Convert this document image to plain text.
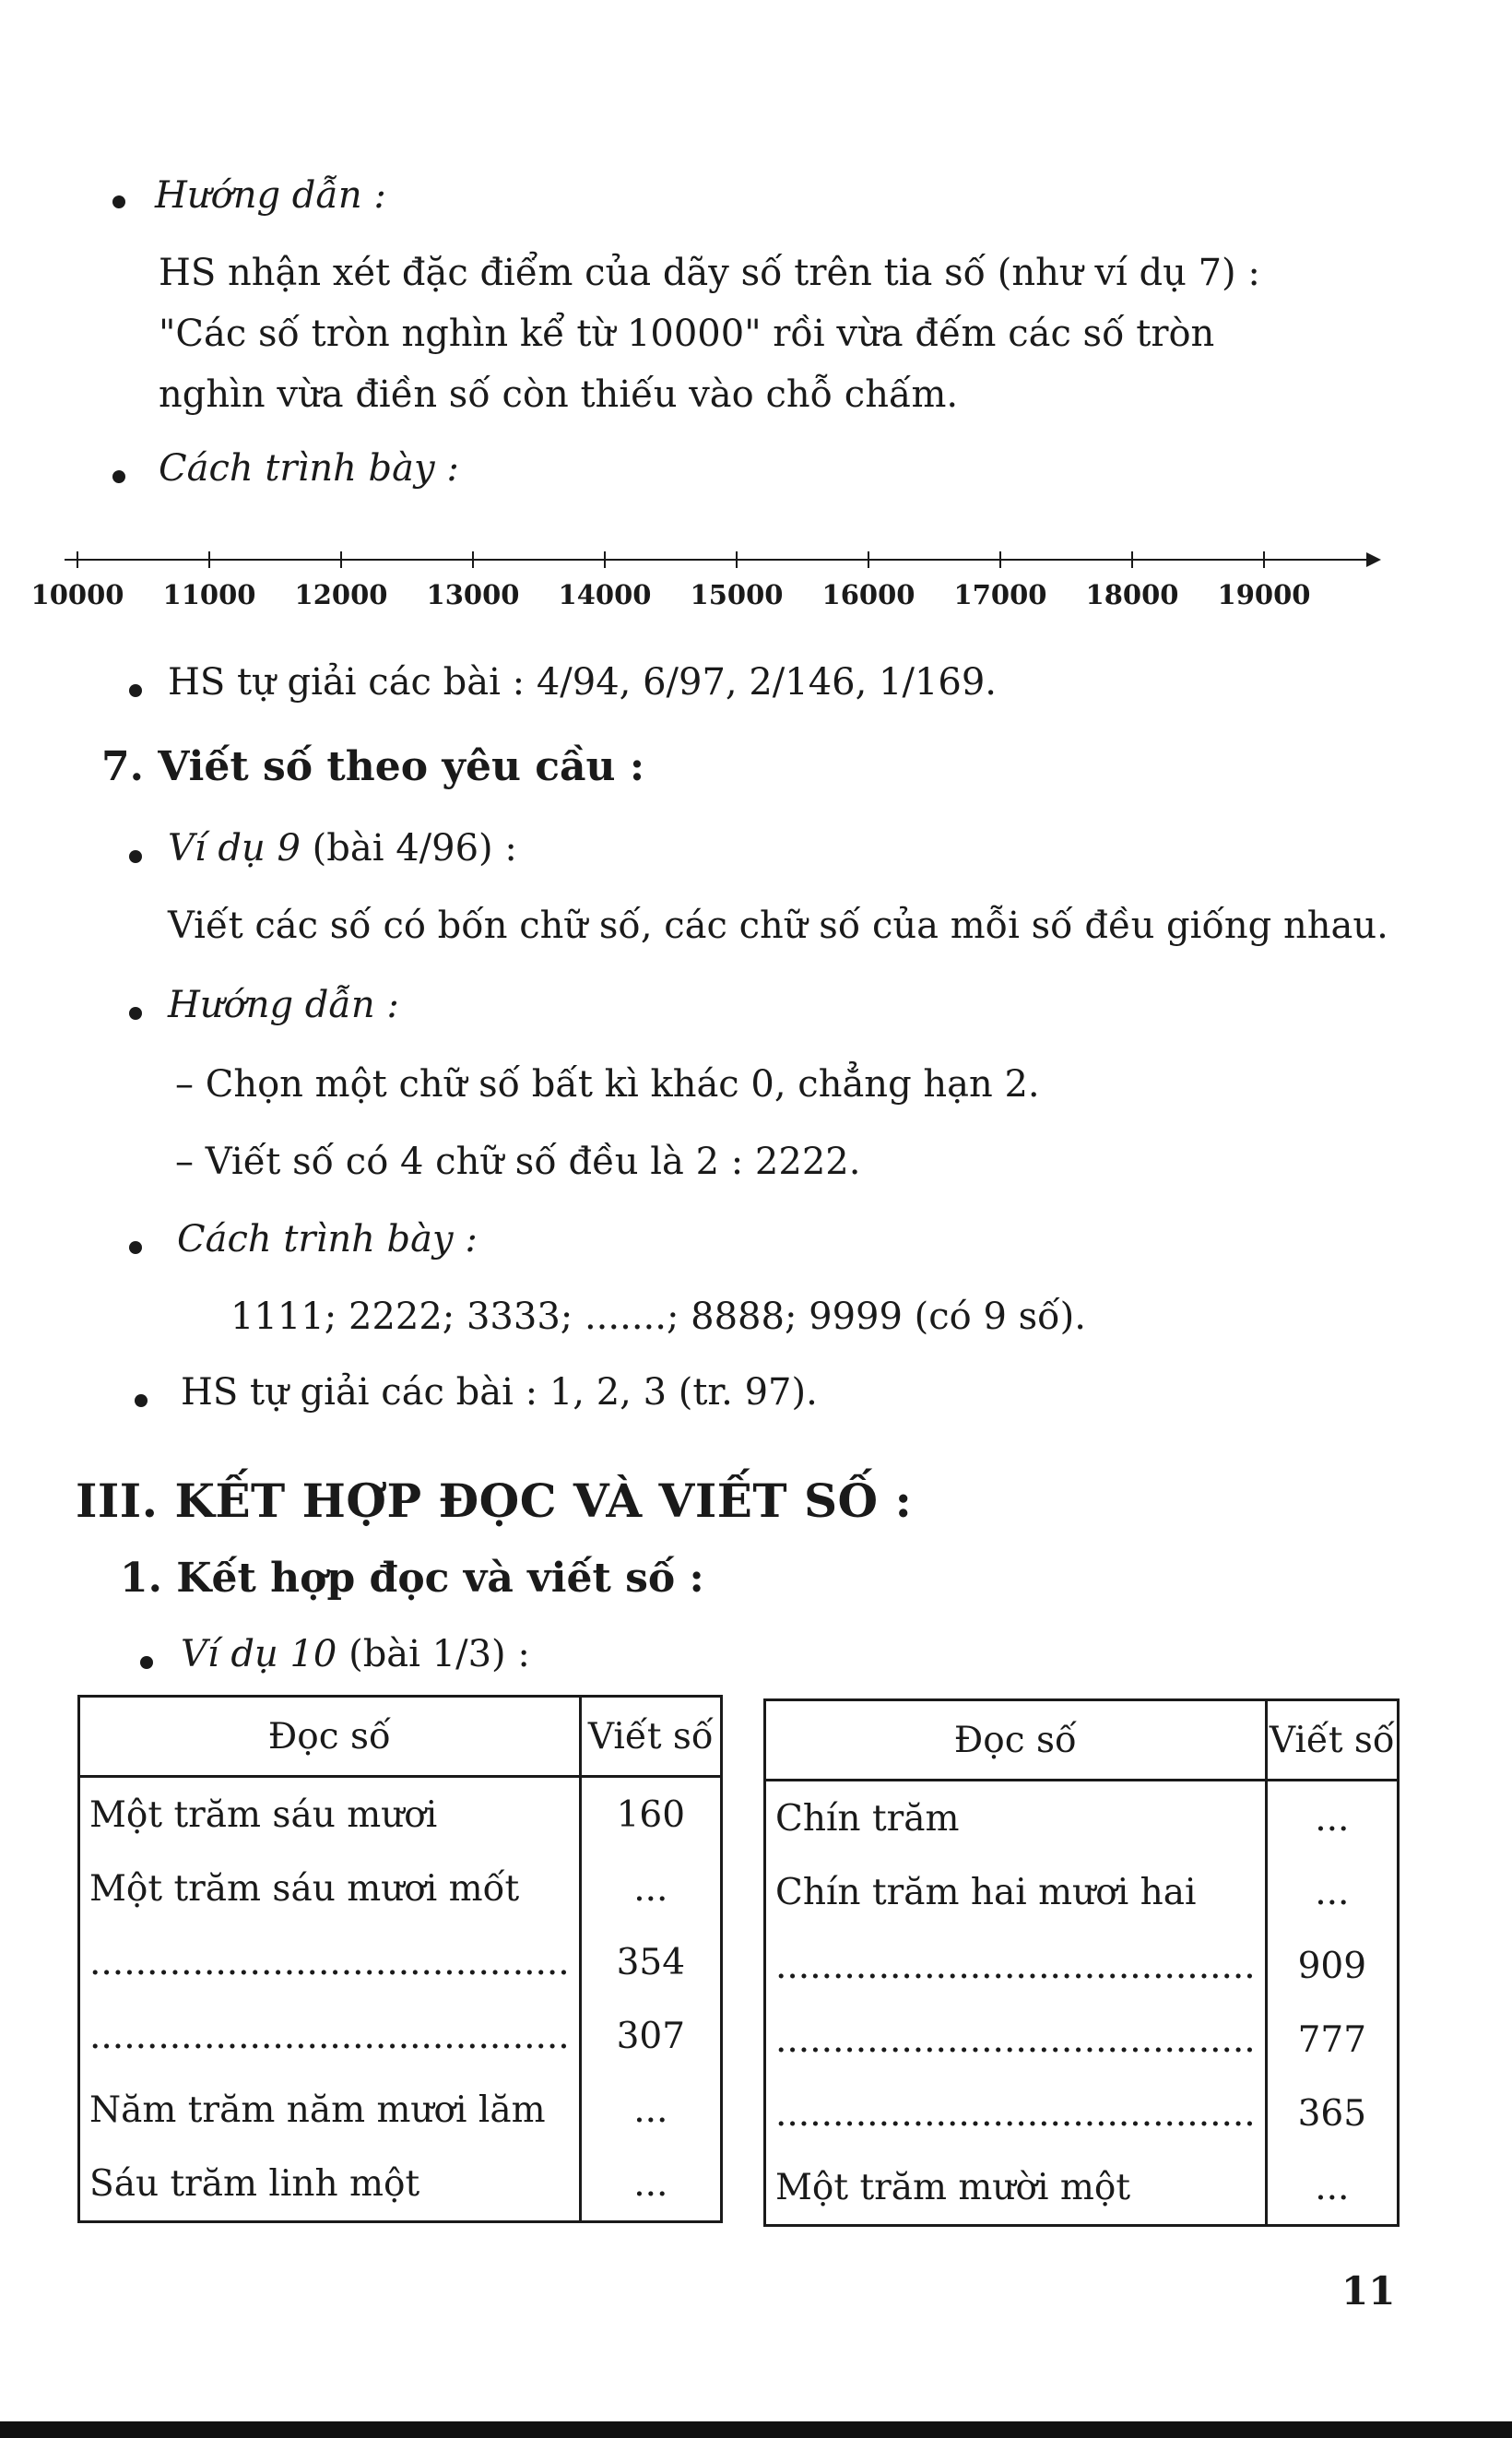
Hướng dẫn :
HS nhận xét đặc điểm của dãy số trên tia số (như ví dụ 7) :
"Các số tròn nghìn kể từ 10000" rồi vừa đếm các số tròn
nghìn vừa điền số còn thiếu vào chỗ chấm.
Cách trình bày :
10000 11000 12000 13000 14000 15000 16000 17000 18000 19000
HS tự giải các bài : 4/94, 6/97, 2/146, 1/169.
7. Viết số theo yêu cầu :
Ví dụ 9 (bài 4/96) :
Viết các số có bốn chữ số, các chữ số của mỗi số đều giống nhau.
Hướng dẫn :
– Chọn một chữ số bất kì khác 0, chẳng hạn 2.
– Viết số có 4 chữ số đều là 2 : 2222.
Cách trình bày :
1111; 2222; 3333; .......; 8888; 9999 (có 9 số).
HS tự giải các bài : 1, 2, 3 (tr. 97).
III. KẾT HỢP ĐỌC VÀ VIẾT SỐ :
1. Kết hợp đọc và viết số :
Ví dụ 10 (bài 1/3) :
Đọc số	Viết số
Một trăm sáu mươi	160
Một trăm sáu mươi mốt	...
..........................................	354
..........................................	307
Năm trăm năm mươi lăm	...
Sáu trăm linh một	...
Đọc số	Viết số
Chín trăm	...
Chín trăm hai mươi hai	...
..........................................	909
..........................................	777
..........................................	365
Một trăm mười một	...
11
